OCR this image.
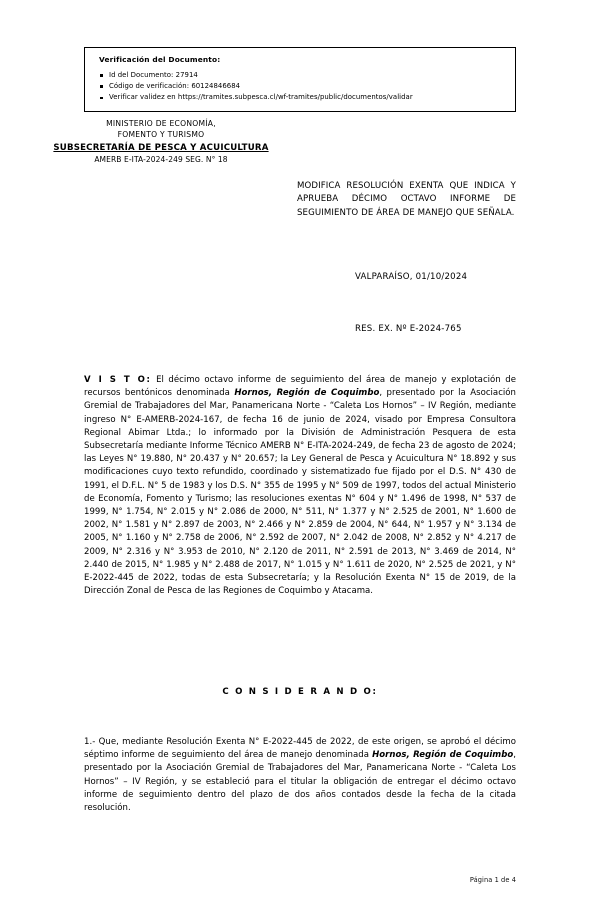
Verificación del Documento:
Id del Documento: 27914
Código de verificación: 60124846684
Verificar validez en https://tramites.subpesca.cl/wf-tramites/public/documentos/validar
MINISTERIO DE ECONOMÍA,
FOMENTO Y TURISMO
SUBSECRETARÍA DE PESCA Y ACUICULTURA
AMERB E-ITA-2024-249 SEG. N° 18
MODIFICA RESOLUCIÓN EXENTA QUE INDICA Y APRUEBA DÉCIMO OCTAVO INFORME DE SEGUIMIENTO DE ÁREA DE MANEJO QUE SEÑALA.
VALPARAÍSO, 01/10/2024
RES. EX. Nº E-2024-765
V I S T O: El décimo octavo informe de seguimiento del área de manejo y explotación de recursos bentónicos denominada Hornos, Región de Coquimbo, presentado por la Asociación Gremial de Trabajadores del Mar, Panamericana Norte - “Caleta Los Hornos” – IV Región, mediante ingreso N° E-AMERB-2024-167, de fecha 16 de junio de 2024, visado por Empresa Consultora Regional Abimar Ltda.; lo informado por la División de Administración Pesquera de esta Subsecretaría mediante Informe Técnico AMERB N° E-ITA-2024-249, de fecha 23 de agosto de 2024; las Leyes N° 19.880, N° 20.437 y N° 20.657; la Ley General de Pesca y Acuicultura N° 18.892 y sus modificaciones cuyo texto refundido, coordinado y sistematizado fue fijado por el D.S. N° 430 de 1991, el D.F.L. N° 5 de 1983 y los D.S. N° 355 de 1995 y N° 509 de 1997, todos del actual Ministerio de Economía, Fomento y Turismo; las resoluciones exentas N° 604 y N° 1.496 de 1998, N° 537 de 1999, N° 1.754, N° 2.015 y N° 2.086 de 2000, N° 511, N° 1.377 y N° 2.525 de 2001, N° 1.600 de 2002, N° 1.581 y N° 2.897 de 2003, N° 2.466 y N° 2.859 de 2004, N° 644, N° 1.957 y N° 3.134 de 2005, N° 1.160 y N° 2.758 de 2006, N° 2.592 de 2007, N° 2.042 de 2008, N° 2.852 y N° 4.217 de 2009, N° 2.316 y N° 3.953 de 2010, N° 2.120 de 2011, N° 2.591 de 2013, N° 3.469 de 2014, N° 2.440 de 2015, N° 1.985 y N° 2.488 de 2017, N° 1.015 y N° 1.611 de 2020, N° 2.525 de 2021, y N° E-2022-445 de 2022, todas de esta Subsecretaría; y la Resolución Exenta N° 15 de 2019, de la Dirección Zonal de Pesca de las Regiones de Coquimbo y Atacama.
C O N S I D E R A N D O:
1.- Que, mediante Resolución Exenta N° E-2022-445 de 2022, de este origen, se aprobó el décimo séptimo informe de seguimiento del área de manejo denominada Hornos, Región de Coquimbo, presentado por la Asociación Gremial de Trabajadores del Mar, Panamericana Norte - “Caleta Los Hornos” – IV Región, y se estableció para el titular la obligación de entregar el décimo octavo informe de seguimiento dentro del plazo de dos años contados desde la fecha de la citada resolución.
Página 1 de 4
